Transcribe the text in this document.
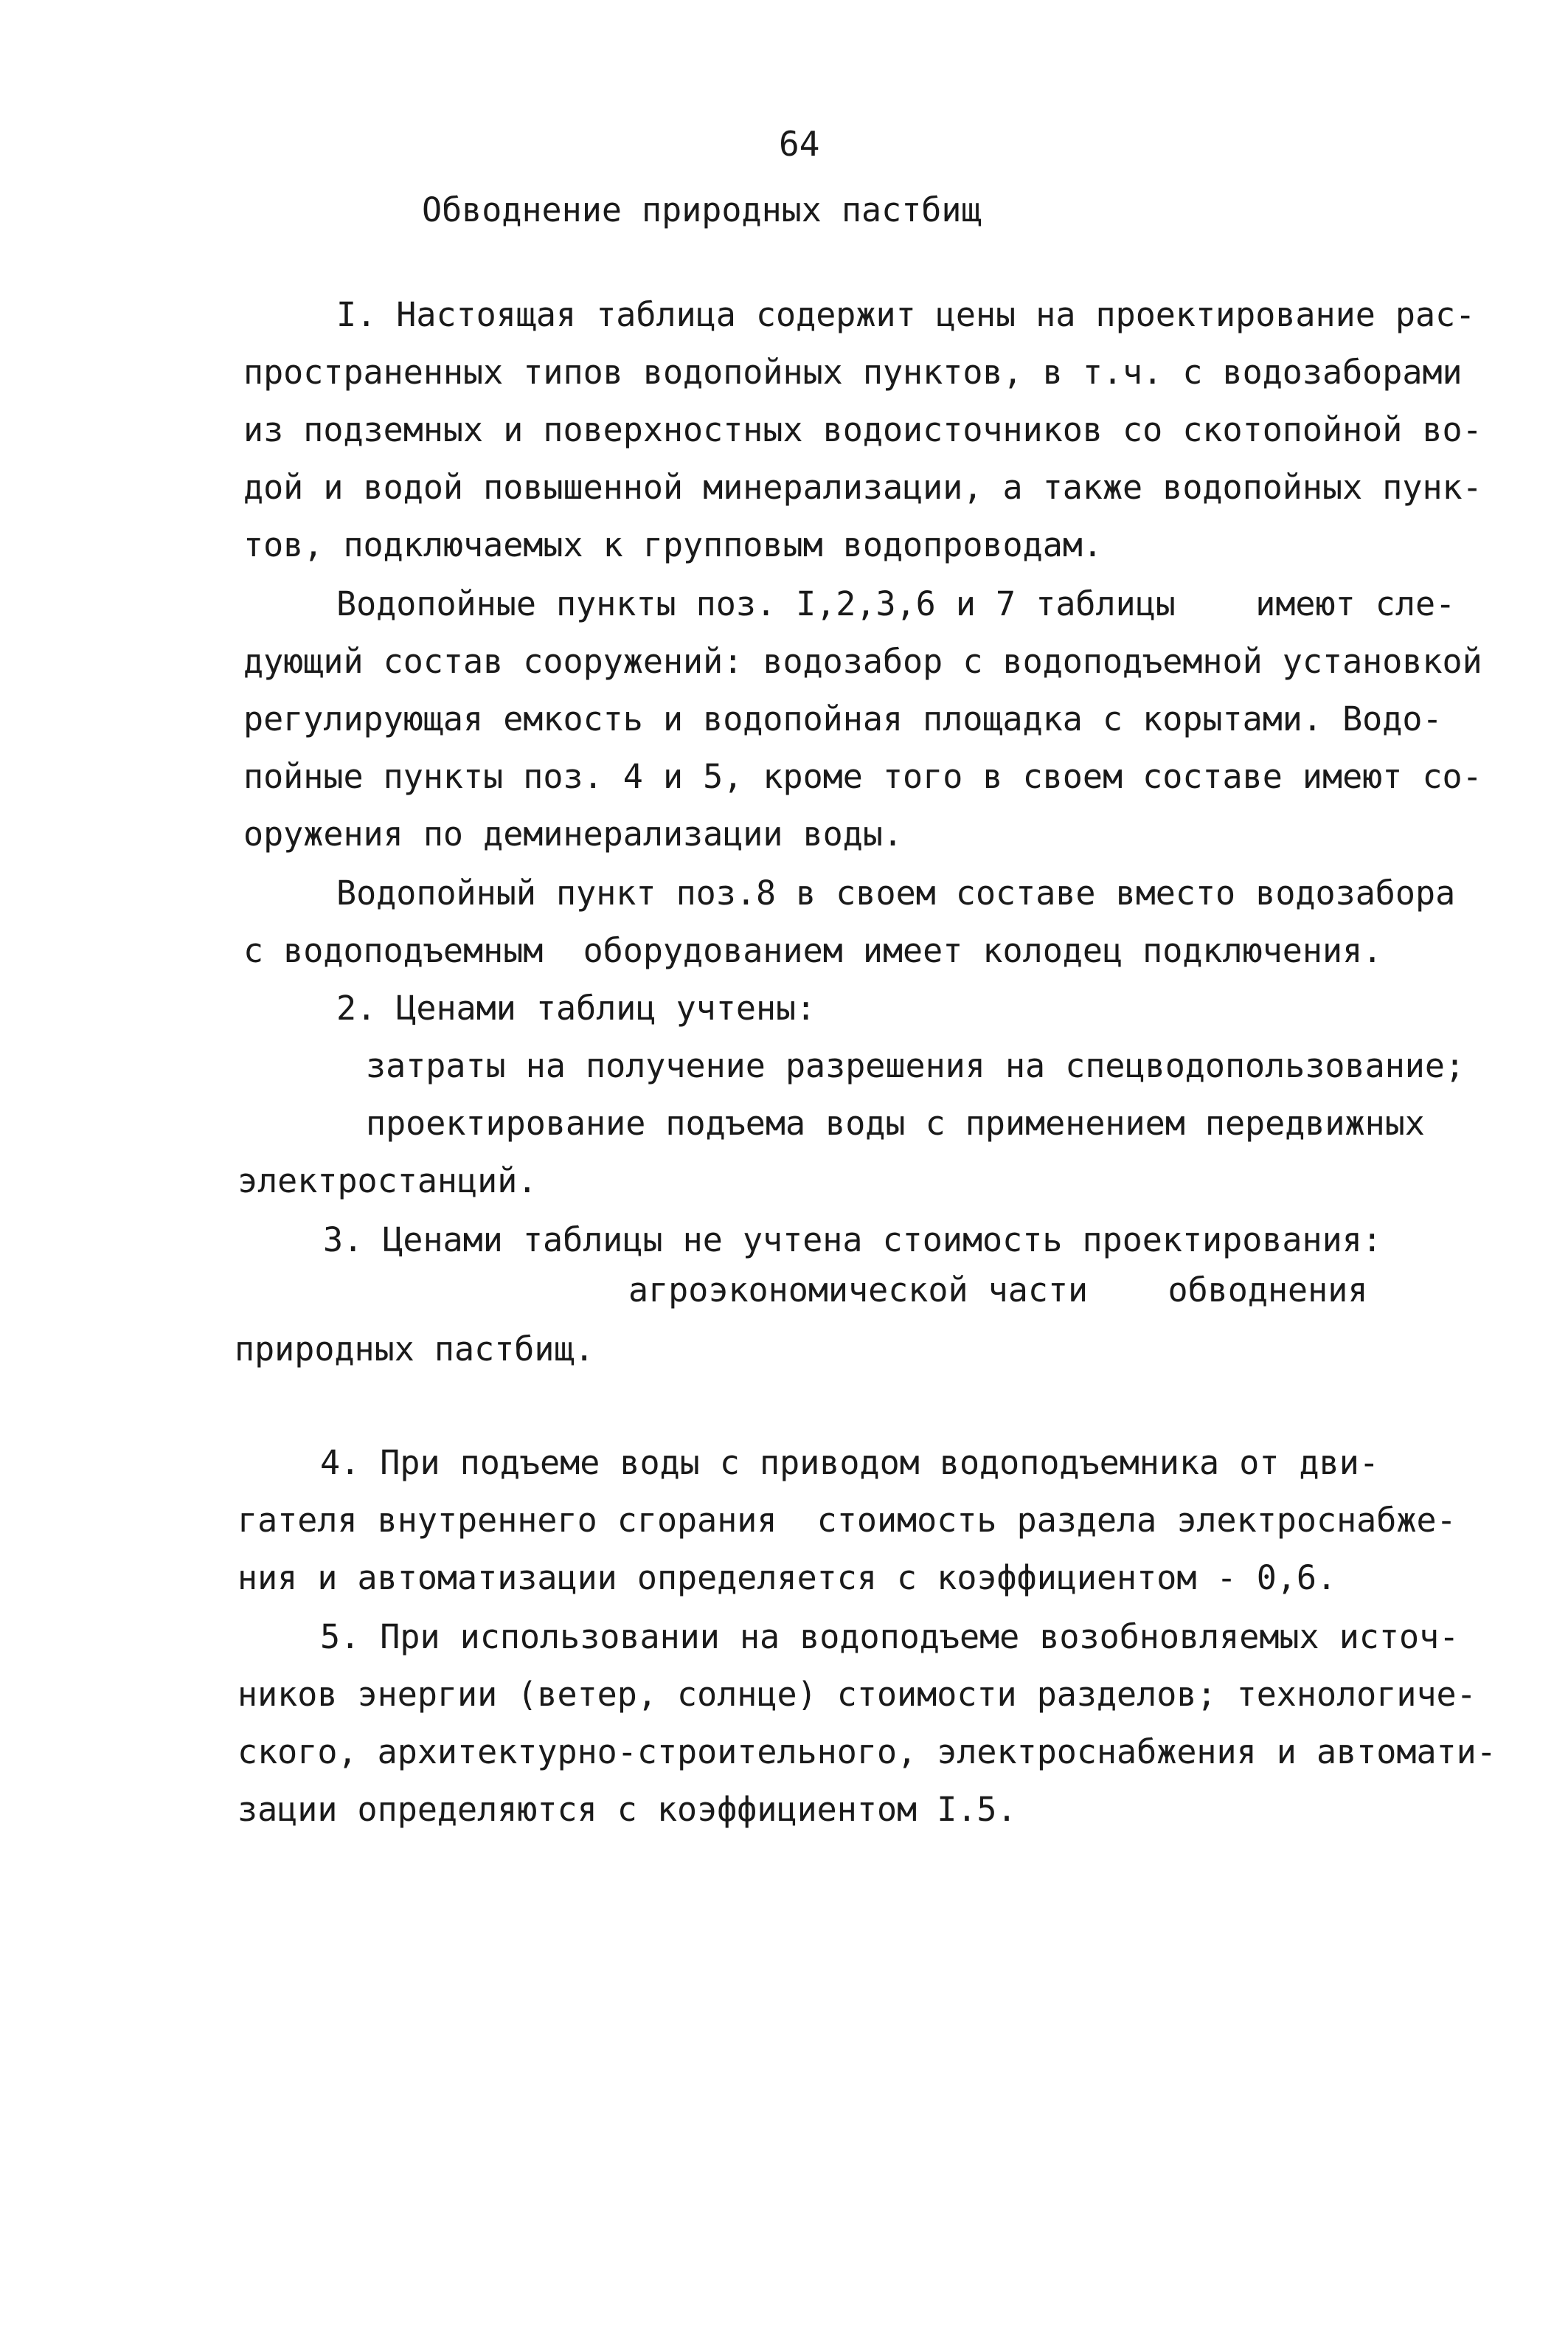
64
Обводнение природных пастбищ
I. Настоящая таблица содержит цены на проектирование рас-
пространенных типов водопойных пунктов, в т.ч. с водозаборами
из подземных и поверхностных водоисточников со скотопойной во-
дой и водой повышенной минерализации, а также водопойных пунк-
тов, подключаемых к групповым водопроводам.
Водопойные пункты поз. I,2,3,6 и 7 таблицы    имеют сле-
дующий состав сооружений: водозабор с водоподъемной установкой
регулирующая емкость и водопойная площадка с корытами. Водо-
пойные пункты поз. 4 и 5, кроме того в своем составе имеют со-
оружения по деминерализации воды.
Водопойный пункт поз.8 в своем составе вместо водозабора
с водоподъемным  оборудованием имеет колодец подключения.
2. Ценами таблиц учтены:
затраты на получение разрешения на спецводопользование;
проектирование подъема воды с применением передвижных
электростанций.
3. Ценами таблицы не учтена стоимость проектирования:
агроэкономической части    обводнения
природных пастбищ.
4. При подъеме воды с приводом водоподъемника от дви-
гателя внутреннего сгорания  стоимость раздела электроснабже-
ния и автоматизации определяется с коэффициентом - 0,6.
5. При использовании на водоподъеме возобновляемых источ-
ников энергии (ветер, солнце) стоимости разделов; технологиче-
ского, архитектурно-строительного, электроснабжения и автомати-
зации определяются с коэффициентом I.5.
